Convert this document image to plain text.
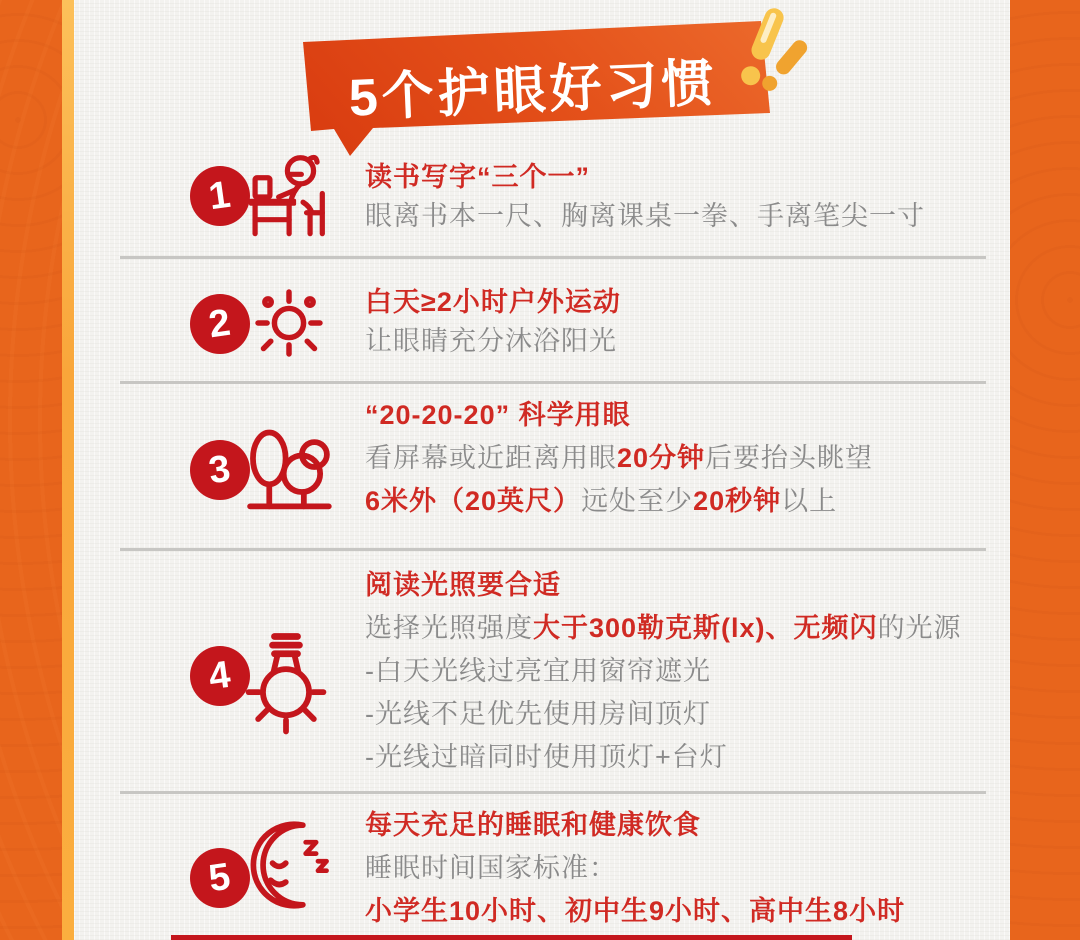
5个护眼好习惯
1	读书写字“三个一”

眼离书本一尺、胸离课桌一拳、手离笔尖一寸

2	白天≥2小时户外运动

让眼睛充分沐浴阳光

3

“20-20-20” 科学用眼

看屏幕或近距离用眼20分钟后要抬头眺望

6米外（20英尺）远处至少20秒钟以上

4

阅读光照要合适

选择光照强度大于300勒克斯(lx)、无频闪的光源

-白天光线过亮宜用窗帘遮光

-光线不足优先使用房间顶灯

-光线过暗同时使用顶灯+台灯

5

每天充足的睡眠和健康饮食

睡眠时间国家标准：

小学生10小时、初中生9小时、高中生8小时
